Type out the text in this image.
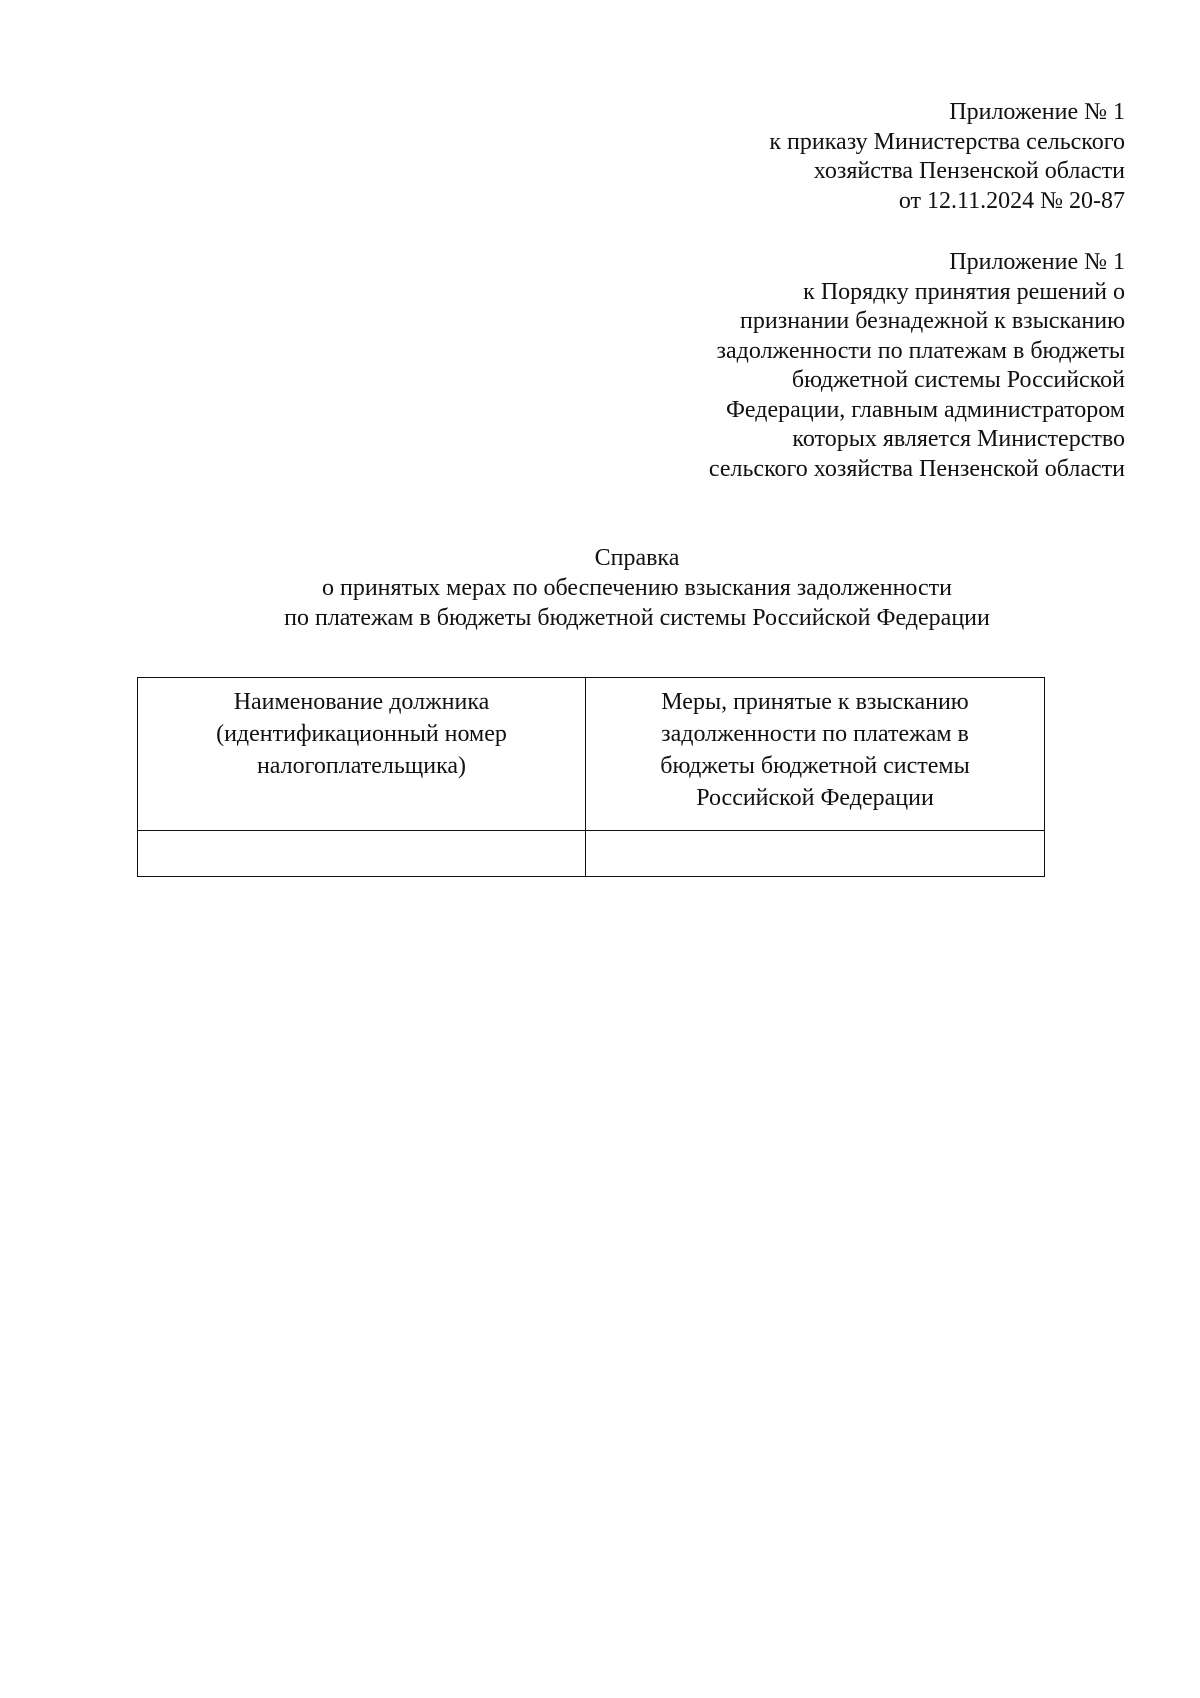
Приложение № 1
к приказу Министерства сельского
хозяйства Пензенской области
от 12.11.2024 № 20-87
Приложение № 1
к Порядку принятия решений о
признании безнадежной к взысканию
задолженности по платежам в бюджеты
бюджетной системы Российской
Федерации, главным администратором
которых является Министерство
сельского хозяйства Пензенской области
Справка
о принятых мерах по обеспечению взыскания задолженности
по платежам в бюджеты бюджетной системы Российской Федерации
Наименование должника
(идентификационный номер
налогоплательщика)	Меры, принятые к взысканию
задолженности по платежам в
бюджеты бюджетной системы
Российской Федерации
